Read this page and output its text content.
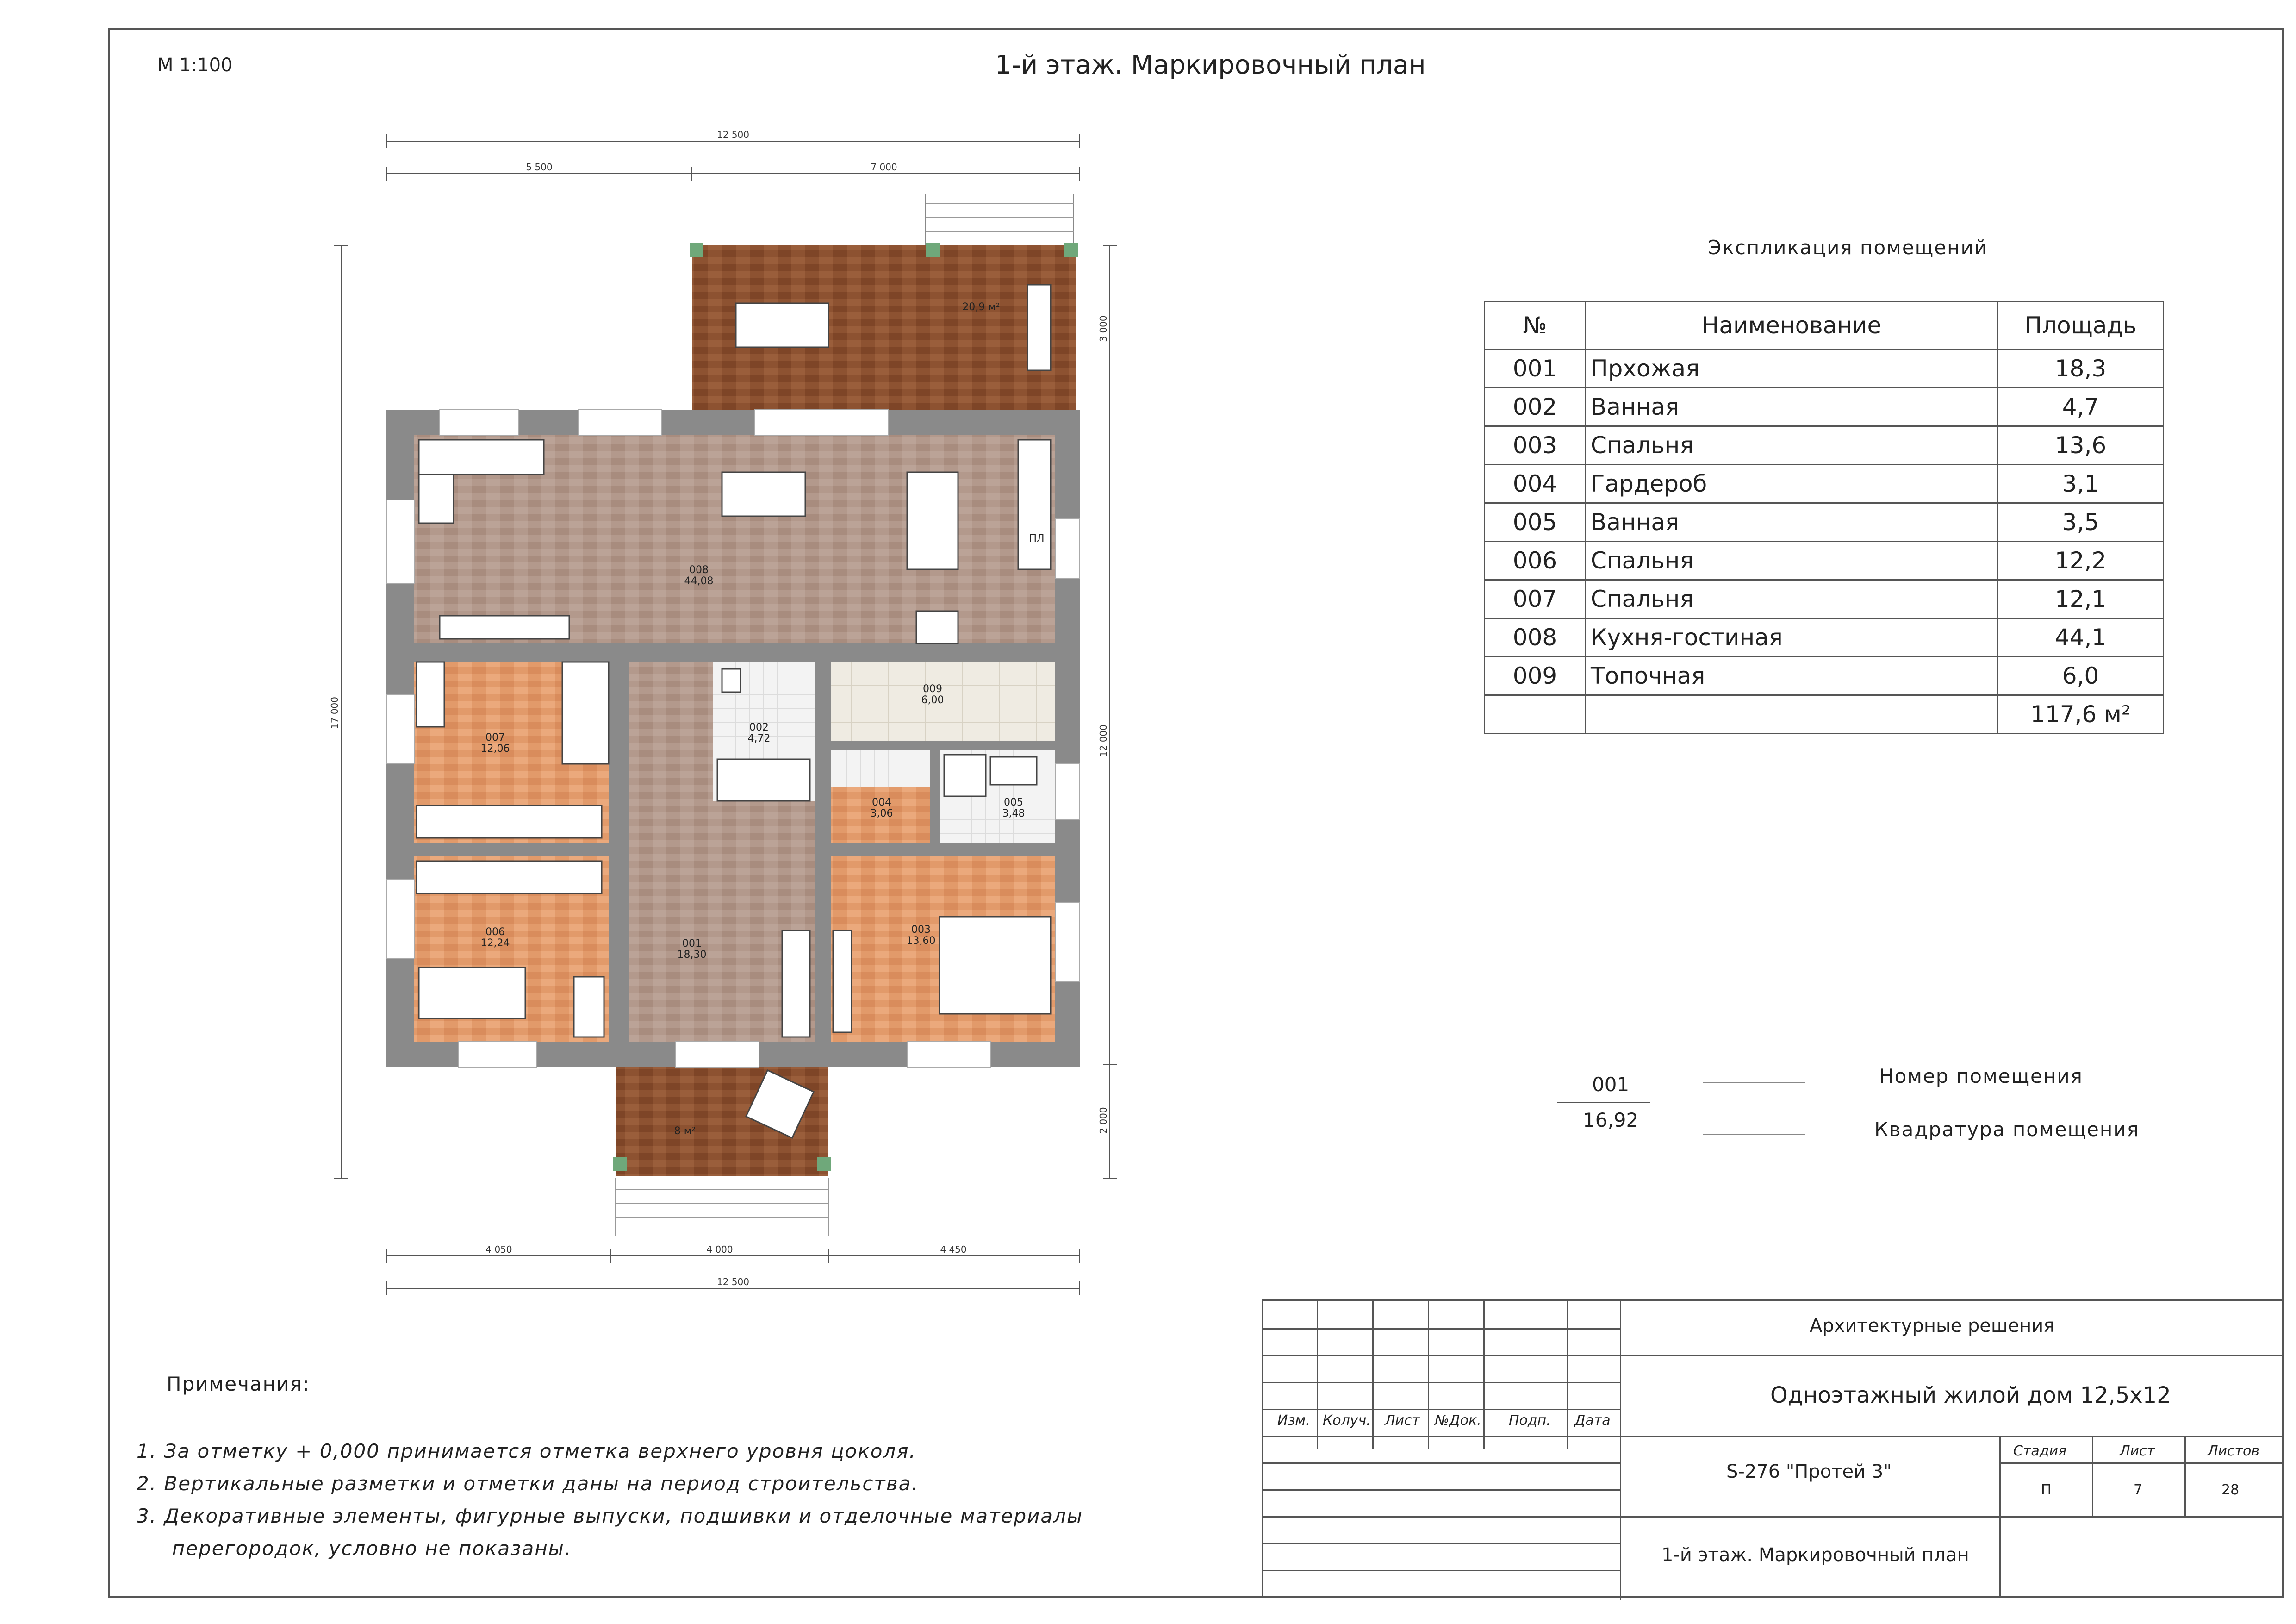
М 1:100	1-й этаж. Маркировочный план
12 500
5 500	7 000
4 050	4 000	4 450
12 500
17 000
3 000
12 000
2 000
20,9 м²
8 м²
008
44,08
007
12,06
002
4,72
009
6,00
004
3,06
005
3,48
006
12,24	001
18,30
003
13,60
ПЛ
Экспликация помещений
№	Наименование	Площадь
001	Прхожая	18,3
002	Ванная	4,7
003	Спальня	13,6
004	Гардероб	3,1
005	Ванная	3,5
006	Спальня	12,2
007	Спальня	12,1
008	Кухня-гостиная	44,1
009	Топочная	6,0
		117,6 м²
001
16,92
Номер помещения
Квадратура помещения
Примечания:
1. За отметку + 0,000 принимается отметка верхнего уровня цоколя.
2. Вертикальные разметки и отметки даны на период строительства.
3. Декоративные элементы, фигурные выпуски, подшивки и отделочные материалы
перегородок, условно не показаны.
Изм. Колуч. Лист №Док. Подп. Дата
Архитектурные решения
Одноэтажный жилой дом 12,5х12
S-276 "Протей 3"
Стадия	Лист	Листов
П	7	28
1-й этаж. Маркировочный план
